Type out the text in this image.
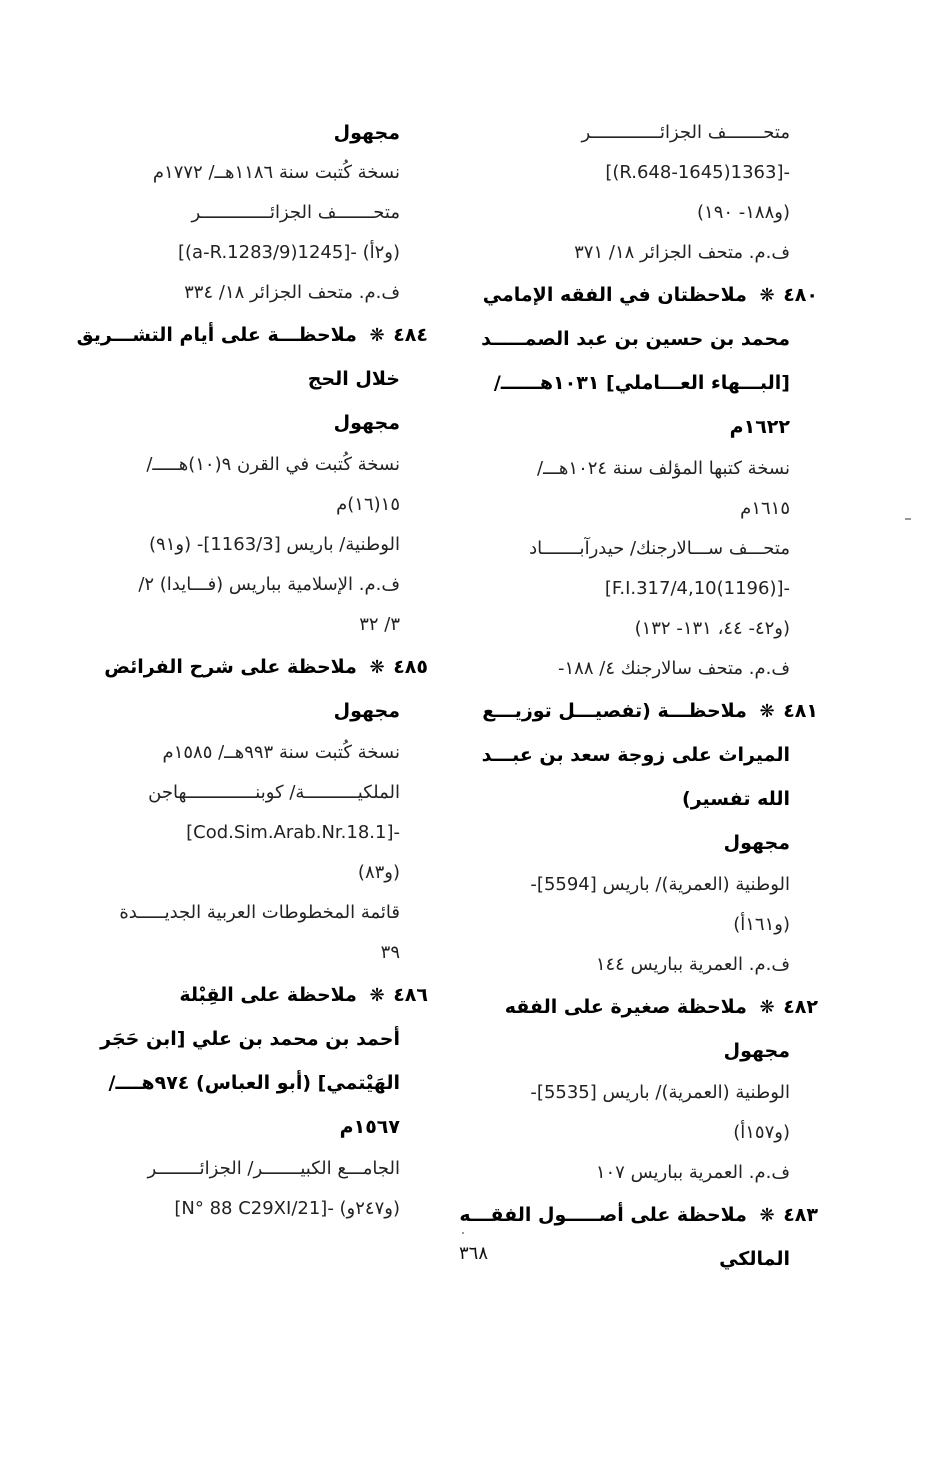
متحـــــــف الجزائـــــــــــــر
-[1363(1645-R.648)]
(و١٨٨- ١٩٠)
ف.م. متحف الجزائر ١٨/ ٣٧١
٤٨٠ ❋ ملاحظتان في الفقه الإمامي
محمد بن حسين بن عبد الصمـــــد
[البـــهاء العـــاملي] ١٠٣١هــــــ/
١٦٢٢م
نسخة كتبها المؤلف سنة ١٠٢٤هـــ/
١٦١٥م
متحـــف ســـالارجنك/ حيدرآبـــــــاد
-[(1196)F.I.317/4,10]
(و٤٢- ٤٤، ١٣١- ١٣٢)
ف.م. متحف سالارجنك ٤/ ١٨٨-
٤٨١ ❋ ملاحظـــة (تفصيـــل توزيـــع
الميراث على زوجة سعد بن عبـــد
الله تفسير)
مجهول
الوطنية (العمرية)/ باريس [5594]-
(و١٦١أ)
ف.م. العمرية بباريس ١٤٤
٤٨٢ ❋ ملاحظة صغيرة على الفقه
مجهول
الوطنية (العمرية)/ باريس [5535]-
(و١٥٧أ)
ف.م. العمرية بباريس ١٠٧
٤٨٣ ❋ ملاحظة على أصـــــول الفقـــه
المالكي
مجهول
نسخة كُتبت سنة ١١٨٦هــ/ ١٧٧٢م
متحـــــــف الجزائـــــــــــــر
(و٢أ) -[1245(9/a-R.1283)]
ف.م. متحف الجزائر ١٨/ ٣٣٤
٤٨٤ ❋ ملاحظـــة على أيام التشـــريق
خلال الحج
مجهول
نسخة كُتبت في القرن ٩(١٠)هـــــ/
١٥(١٦)م
الوطنية/ باريس [1163/3]- (و٩١)
ف.م. الإسلامية بباريس (فـــايدا) ٢/
٣/ ٣٢
٤٨٥ ❋ ملاحظة على شرح الفرائض
مجهول
نسخة كُتبت سنة ٩٩٣هــ/ ١٥٨٥م
الملكيــــــــــة/ كوبنـــــــــــــهاجن
-[Cod.Sim.Arab.Nr.18.1]
(و٨٣)
قائمة المخطوطات العربية الجديـــــدة
٣٩
٤٨٦ ❋ ملاحظة على القِبْلة
أحمد بن محمد بن علي [ابن حَجَر
الهَيْتمي] (أبو العباس) ٩٧٤هــــ/
١٥٦٧م
الجامـــع الكبيـــــــر/ الجزائــــــــر
(و٢٤٧و) -[N° 88 C29XI/21]
٣٦٨
